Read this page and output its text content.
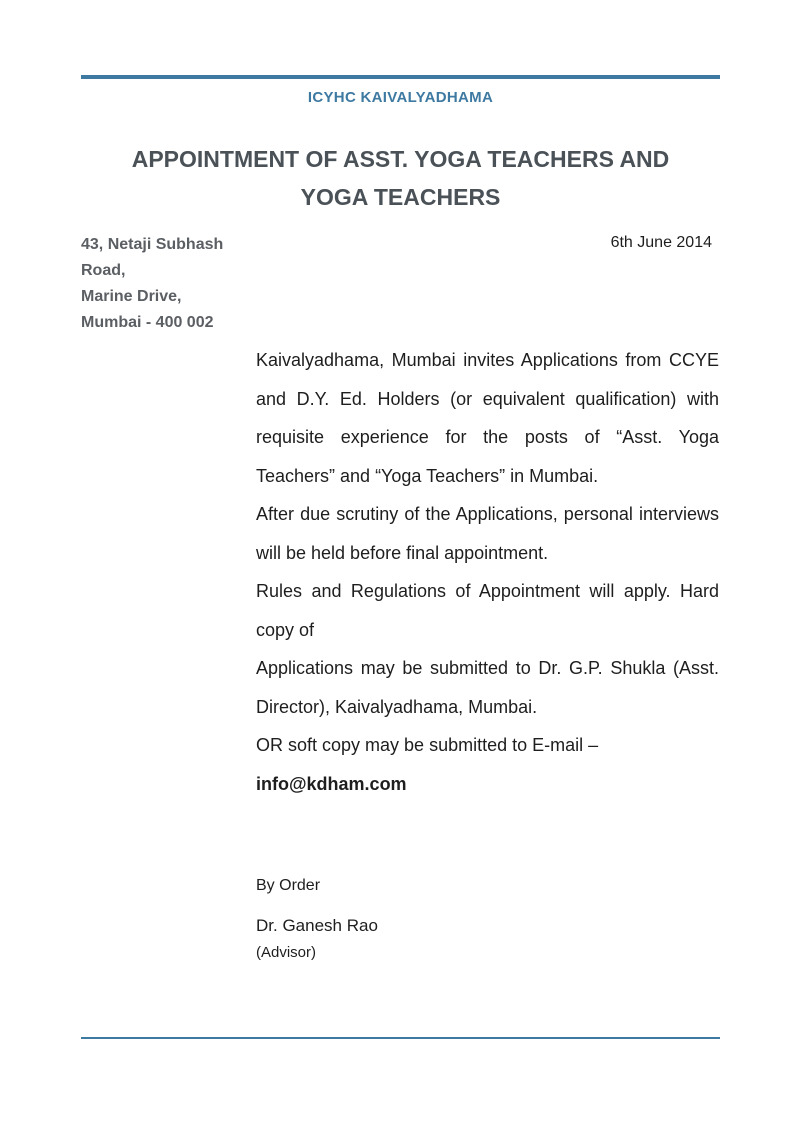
ICYHC KAIVALYADHAMA
APPOINTMENT OF ASST. YOGA TEACHERS AND
YOGA TEACHERS
43, Netaji Subhash
Road,
Marine Drive,
Mumbai - 400 002
6th June 2014

Kaivalyadhama, Mumbai invites Applications from CCYE and D.Y. Ed. Holders (or equivalent qualification) with requisite experience for the posts of “Asst. Yoga Teachers” and “Yoga Teachers” in Mumbai.

After due scrutiny of the Applications, personal interviews will be held before final appointment.

Rules and Regulations of Appointment will apply. Hard copy of

Applications may be submitted to Dr. G.P. Shukla (Asst. Director), Kaivalyadhama, Mumbai.

OR soft copy may be submitted to E-mail –

info@kdham.com

By Order
Dr. Ganesh Rao
(Advisor)
